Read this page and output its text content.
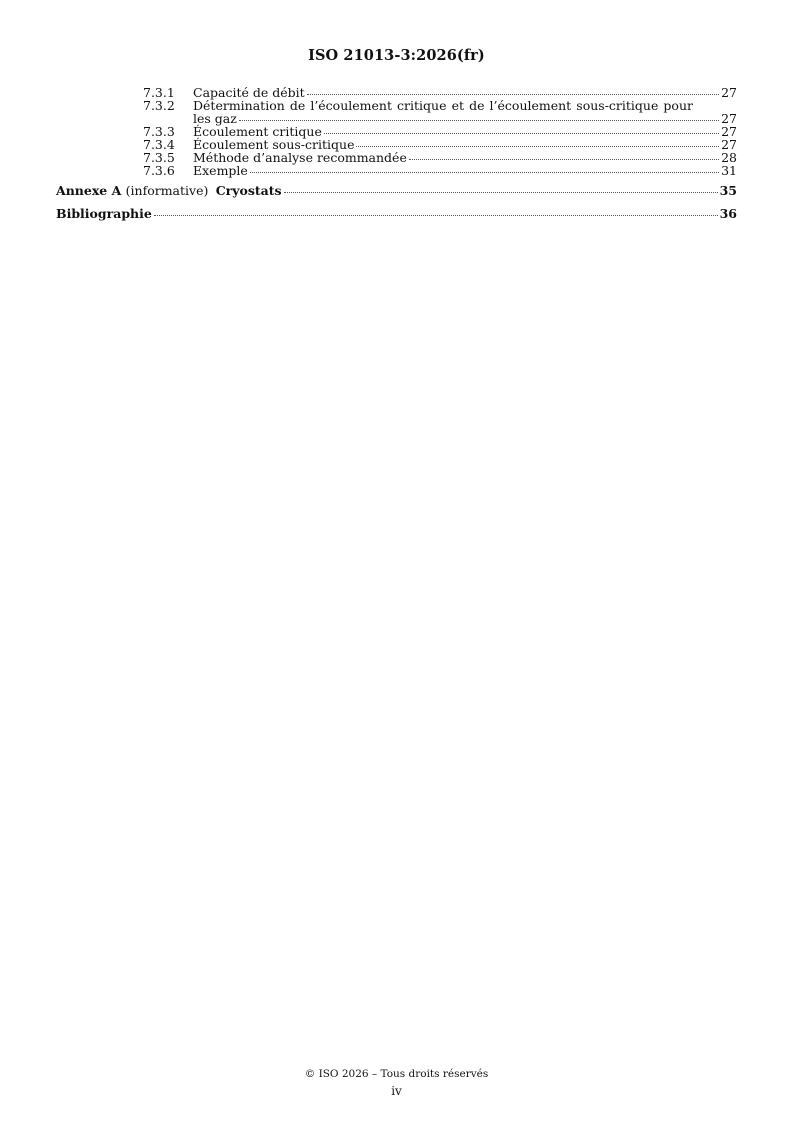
ISO 21013-3:2026(fr)
7.3.1	Capacité de débit	27
7.3.2	Détermination de l’écoulement critique et de l’écoulement sous-critique pour
les gaz	27
7.3.3	Écoulement critique	27
7.3.4	Écoulement sous-critique	27
7.3.5	Méthode d’analyse recommandée	28
7.3.6	Exemple	31
Annexe A (informative) Cryostats	35
Bibliographie	36
© ISO 2026 – Tous droits réservés
iv
